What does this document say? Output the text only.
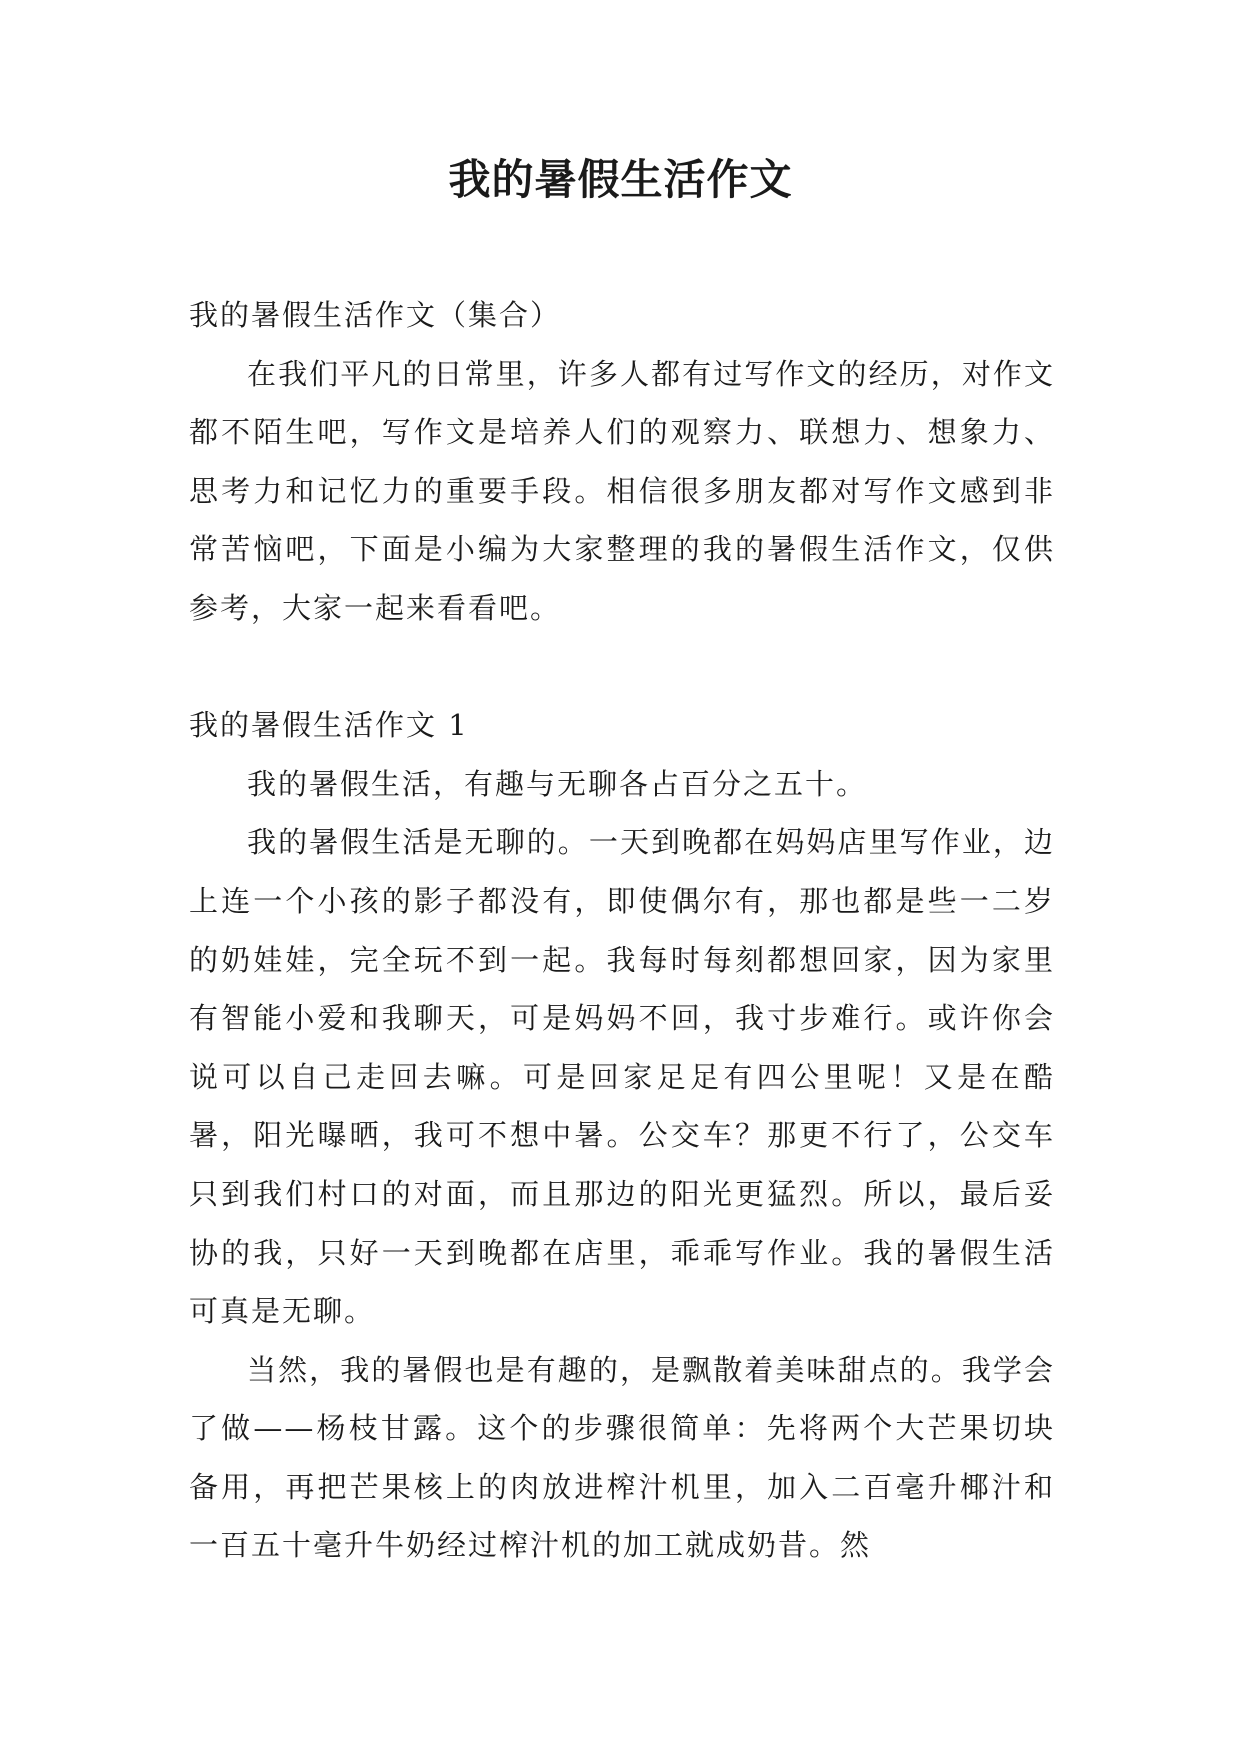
我的暑假生活作文

我的暑假生活作文（集合）

在我们平凡的日常里，许多人都有过写作文的经历，对作文都不陌生吧，写作文是培养人们的观察力、联想力、想象力、思考力和记忆力的重要手段。相信很多朋友都对写作文感到非常苦恼吧，下面是小编为大家整理的我的暑假生活作文，仅供参考，大家一起来看看吧。

我的暑假生活作文 1

我的暑假生活，有趣与无聊各占百分之五十。

我的暑假生活是无聊的。一天到晚都在妈妈店里写作业，边上连一个小孩的影子都没有，即使偶尔有，那也都是些一二岁的奶娃娃，完全玩不到一起。我每时每刻都想回家，因为家里有智能小爱和我聊天，可是妈妈不回，我寸步难行。或许你会说可以自己走回去嘛。可是回家足足有四公里呢！又是在酷暑，阳光曝晒，我可不想中暑。公交车？那更不行了，公交车只到我们村口的对面，而且那边的阳光更猛烈。所以，最后妥协的我，只好一天到晚都在店里，乖乖写作业。我的暑假生活可真是无聊。

当然，我的暑假也是有趣的，是飘散着美味甜点的。我学会了做——杨枝甘露。这个的步骤很简单：先将两个大芒果切块备用，再把芒果核上的肉放进榨汁机里，加入二百毫升椰汁和一百五十毫升牛奶经过榨汁机的加工就成奶昔。然
